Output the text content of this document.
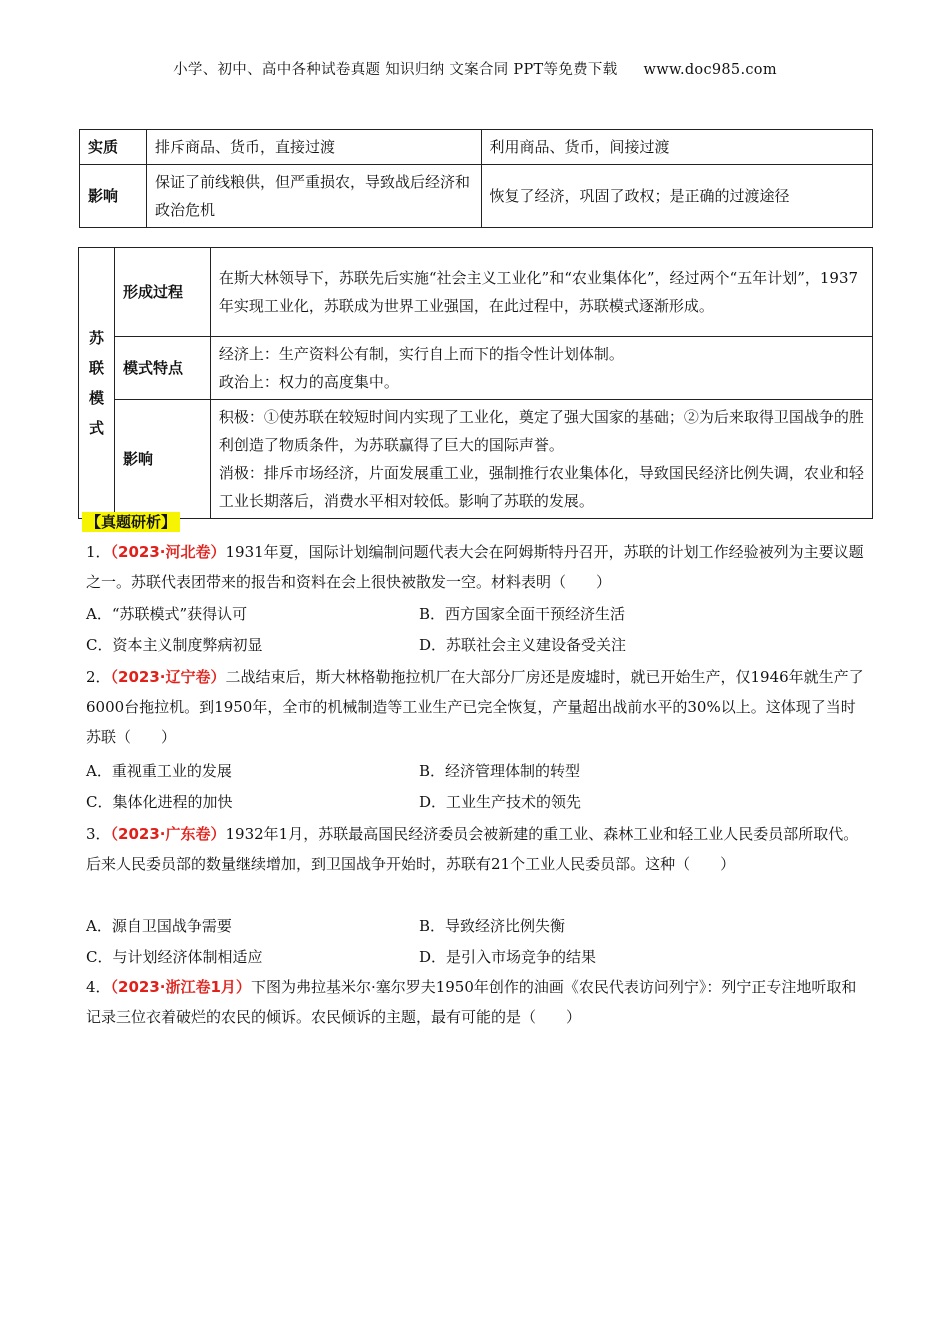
小学、初中、高中各种试卷真题 知识归纳 文案合同 PPT等免费下载 www.doc985.com
实质	排斥商品、货币，直接过渡	利用商品、货币，间接过渡
影响	保证了前线粮供，但严重损农，导致战后经济和政治危机	恢复了经济，巩固了政权；是正确的过渡途径
苏
联
模
式	形成过程	在斯大林领导下，苏联先后实施“社会主义工业化”和“农业集体化”，经过两个“五年计划”，1937年实现工业化，苏联成为世界工业强国，在此过程中，苏联模式逐渐形成。
	模式特点	经济上：生产资料公有制，实行自上而下的指令性计划体制。
政治上：权力的高度集中。

	影响	积极：①使苏联在较短时间内实现了工业化，奠定了强大国家的基础；②为后来取得卫国战争的胜利创造了物质条件，为苏联赢得了巨大的国际声誉。
消极：排斥市场经济，片面发展重工业，强制推行农业集体化，导致国民经济比例失调，农业和轻工业长期落后，消费水平相对较低。影响了苏联的发展。
【真题研析】
1．（2023·河北卷）1931年夏，国际计划编制问题代表大会在阿姆斯特丹召开，苏联的计划工作经验被列为主要议题之一。苏联代表团带来的报告和资料在会上很快被散发一空。材料表明（　　）
A．“苏联模式”获得认可	B．西方国家全面干预经济生活
C．资本主义制度弊病初显	D．苏联社会主义建设备受关注
2．（2023·辽宁卷）二战结束后，斯大林格勒拖拉机厂在大部分厂房还是废墟时，就已开始生产，仅1946年就生产了6000台拖拉机。到1950年，全市的机械制造等工业生产已完全恢复，产量超出战前水平的30%以上。这体现了当时苏联（　　）
A．重视重工业的发展	B．经济管理体制的转型
C．集体化进程的加快	D．工业生产技术的领先
3．（2023·广东卷）1932年1月，苏联最高国民经济委员会被新建的重工业、森林工业和轻工业人民委员部所取代。后来人民委员部的数量继续增加，到卫国战争开始时，苏联有21个工业人民委员部。这种（　　）
A．源自卫国战争需要	B．导致经济比例失衡
C．与计划经济体制相适应	D．是引入市场竞争的结果
4．（2023·浙江卷1月）下图为弗拉基米尔·塞尔罗夫1950年创作的油画《农民代表访问列宁》：列宁正专注地听取和记录三位衣着破烂的农民的倾诉。农民倾诉的主题，最有可能的是（　　）
